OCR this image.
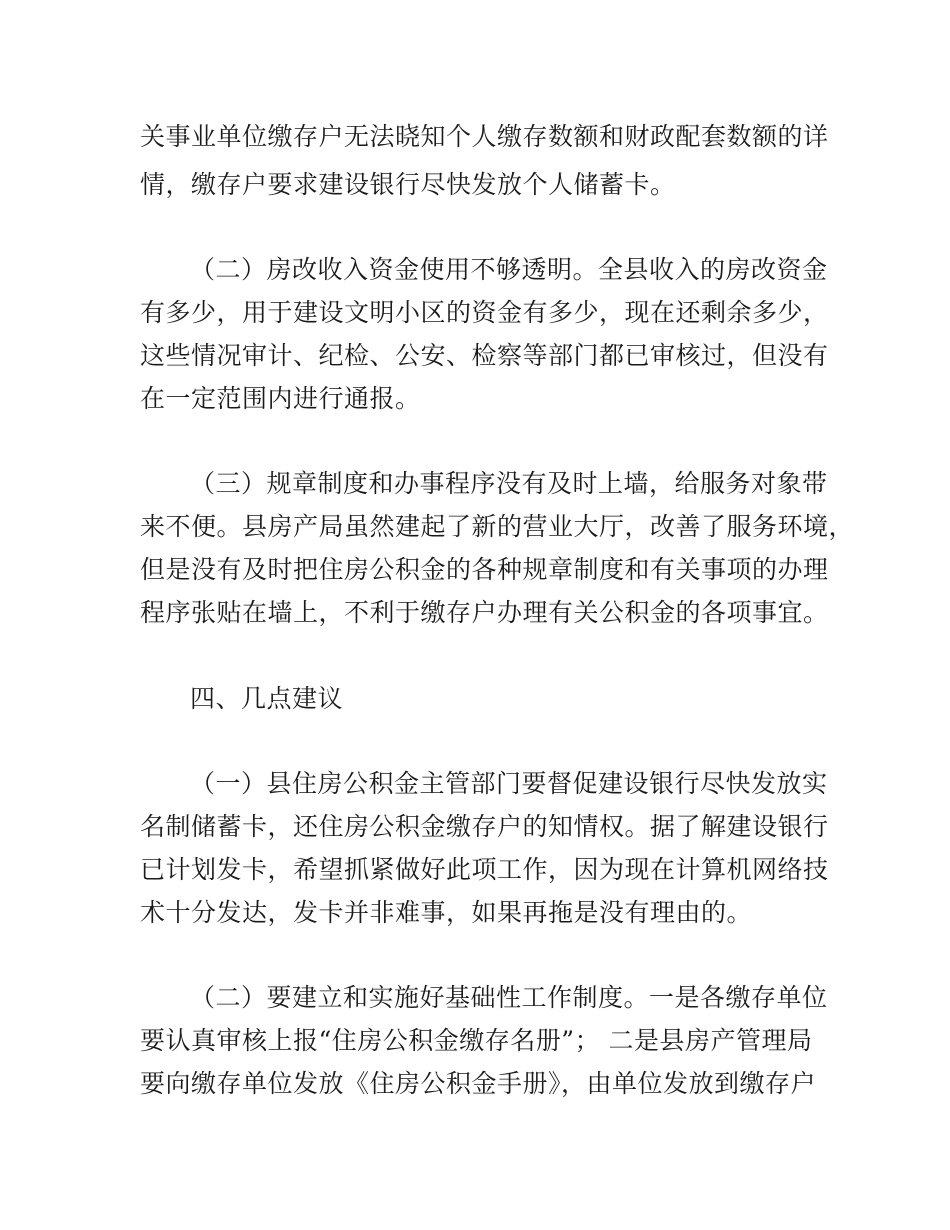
关事业单位缴存户无法晓知个人缴存数额和财政配套数额的详
情，缴存户要求建设银行尽快发放个人储蓄卡。
（二）房改收入资金使用不够透明。全县收入的房改资金
有多少，用于建设文明小区的资金有多少，现在还剩余多少，
这些情况审计、纪检、公安、检察等部门都已审核过，但没有
在一定范围内进行通报。
（三）规章制度和办事程序没有及时上墙，给服务对象带
来不便。县房产局虽然建起了新的营业大厅，改善了服务环境，
但是没有及时把住房公积金的各种规章制度和有关事项的办理
程序张贴在墙上，不利于缴存户办理有关公积金的各项事宜。
四、几点建议
（一）县住房公积金主管部门要督促建设银行尽快发放实
名制储蓄卡，还住房公积金缴存户的知情权。据了解建设银行
已计划发卡，希望抓紧做好此项工作，因为现在计算机网络技
术十分发达，发卡并非难事，如果再拖是没有理由的。
（二）要建立和实施好基础性工作制度。一是各缴存单位
要认真审核上报“住房公积金缴存名册”； 二是县房产管理局
要向缴存单位发放《住房公积金手册》，由单位发放到缴存户
